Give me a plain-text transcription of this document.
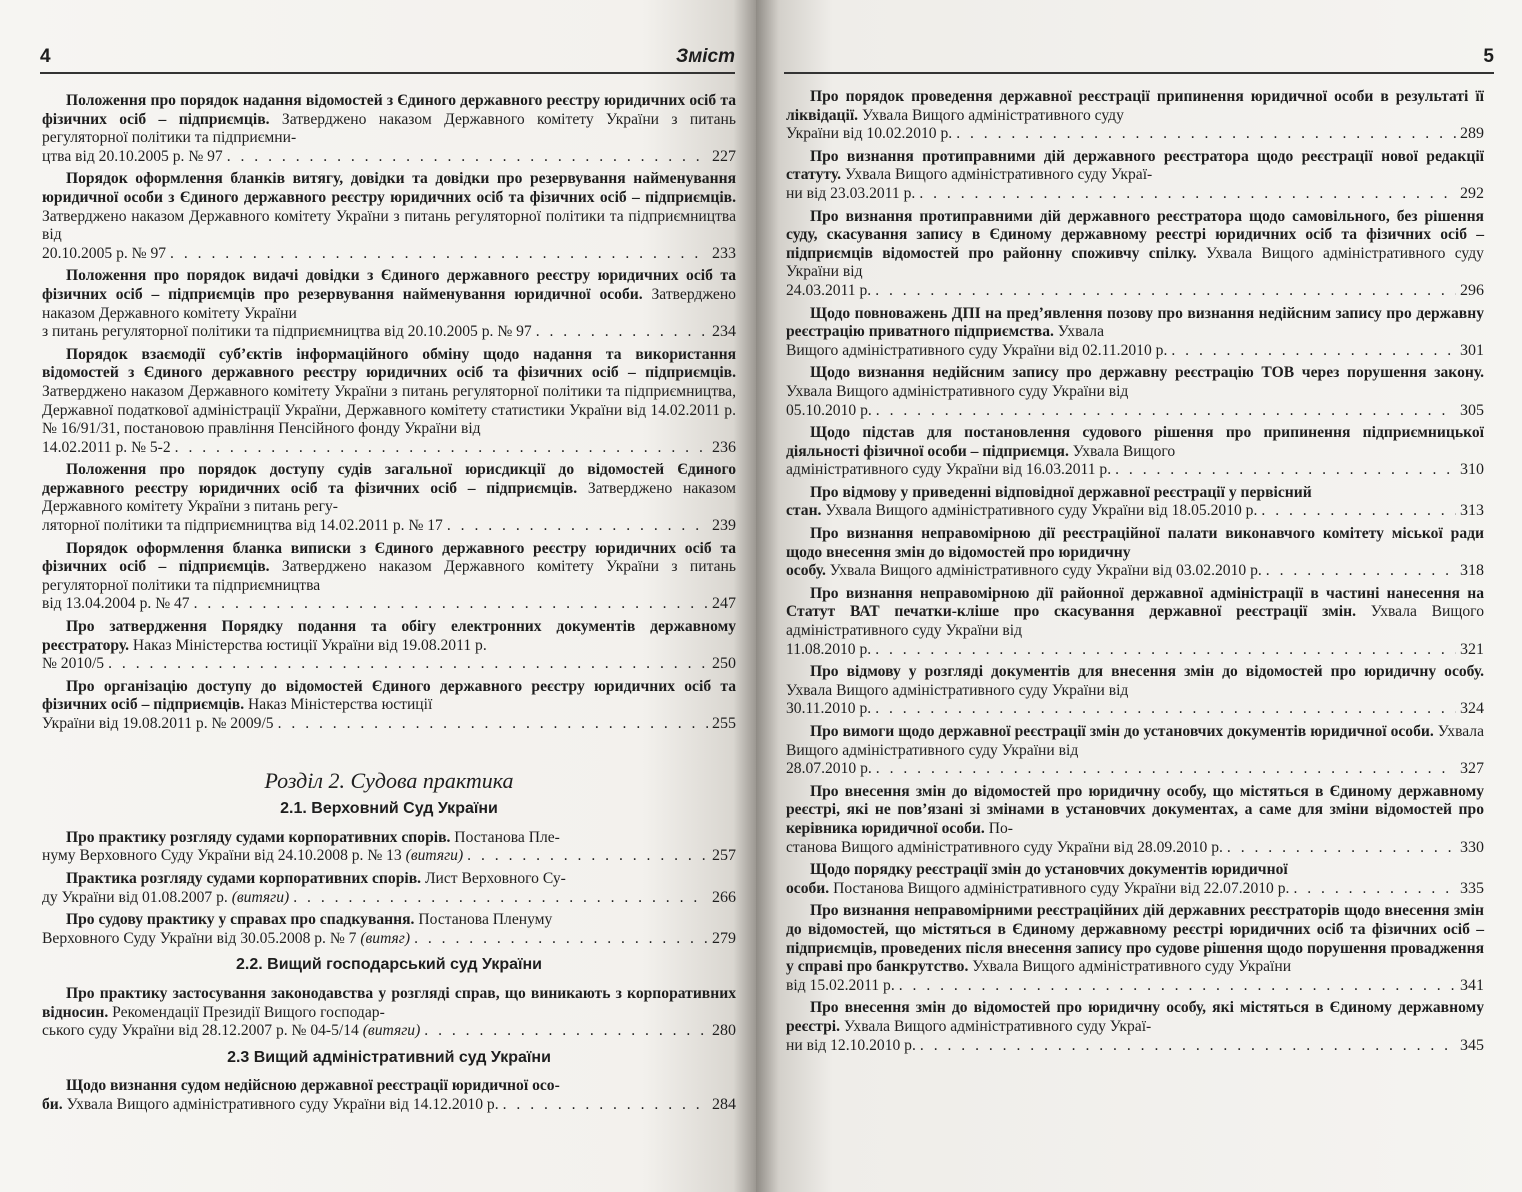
4	Зміст
Положення про порядок надання відомостей з Єдиного державного реєстру юридичних осіб та фізичних осіб – підприємців. Затверджено наказом Державного комітету України з питань регуляторної політики та підприємни-
цтва від 20.10.2005 р. № 97 . . .	227
Порядок оформлення бланків витягу, довідки та довідки про резервування найменування юридичної особи з Єдиного державного реєстру юридичних осіб та фізичних осіб – підприємців. Затверджено наказом Державного комітету України з питань регуляторної політики та підприємництва від
20.10.2005 р. № 97 . . .	233
Положення про порядок видачі довідки з Єдиного державного реєстру юридичних осіб та фізичних осіб – підприємців про резервування найменування юридичної особи. Затверджено наказом Державного комітету України
з питань регуляторної політики та підприємництва від 20.10.2005 р. № 97 . . .	234
Порядок взаємодії суб’єктів інформаційного обміну щодо надання та використання відомостей з Єдиного державного реєстру юридичних осіб та фізичних осіб – підприємців. Затверджено наказом Державного комітету України з питань регуляторної політики та підприємництва, Державної податкової адміністрації України, Державного комітету статистики України від 14.02.2011 р. № 16/91/31, постановою правління Пенсійного фонду України від
14.02.2011 р. № 5-2 . . .	236
Положення про порядок доступу судів загальної юрисдикції до відомостей Єдиного державного реєстру юридичних осіб та фізичних осіб – підприємців. Затверджено наказом Державного комітету України з питань регу-
ляторної політики та підприємництва від 14.02.2011 р. № 17 . . .	239
Порядок оформлення бланка виписки з Єдиного державного реєстру юридичних осіб та фізичних осіб – підприємців. Затверджено наказом Державного комітету України з питань регуляторної політики та підприємництва
від 13.04.2004 р. № 47 . . .	247
Про затвердження Порядку подання та обігу електронних документів державному реєстратору. Наказ Міністерства юстиції України від 19.08.2011 р.
№ 2010/5 . . .	250
Про організацію доступу до відомостей Єдиного державного реєстру юридичних осіб та фізичних осіб – підприємців. Наказ Міністерства юстиції
України від 19.08.2011 р. № 2009/5 . . .	255
Розділ 2. Судова практика
2.1. Верховний Суд України
Про практику розгляду судами корпоративних спорів. Постанова Пле-
нуму Верховного Суду України від 24.10.2008 р. № 13 (витяги) . . .	257
Практика розгляду судами корпоративних спорів. Лист Верховного Су-
ду України від 01.08.2007 р. (витяги) . . .	266
Про судову практику у справах про спадкування. Постанова Пленуму
Верховного Суду України від 30.05.2008 р. № 7 (витяг) . . .	279
2.2. Вищий господарський суд України
Про практику застосування законодавства у розгляді справ, що виникають з корпоративних відносин. Рекомендації Президії Вищого господар-
ського суду України від 28.12.2007 р. № 04-5/14 (витяги) . . .	280
2.3 Вищий адміністративний суд України
Щодо визнання судом недійсною державної реєстрації юридичної осо-
би. Ухвала Вищого адміністративного суду України від 14.12.2010 р. . . .	284
5
Про порядок проведення державної реєстрації припинення юридичної особи в результаті її ліквідації. Ухвала Вищого адміністративного суду
України від 10.02.2010 р. . . .	289
Про визнання протиправними дій державного реєстратора щодо реєстрації нової редакції статуту. Ухвала Вищого адміністративного суду Украї-
ни від 23.03.2011 р. . . .	292
Про визнання протиправними дій державного реєстратора щодо самовільного, без рішення суду, скасування запису в Єдиному державному реєстрі юридичних осіб та фізичних осіб – підприємців відомостей про районну споживчу спілку. Ухвала Вищого адміністративного суду України від
24.03.2011 р. . . .	296
Щодо повноважень ДПІ на пред’явлення позову про визнання недійсним запису про державну реєстрацію приватного підприємства. Ухвала
Вищого адміністративного суду України від 02.11.2010 р. . . .	301
Щодо визнання недійсним запису про державну реєстрацію ТОВ через порушення закону. Ухвала Вищого адміністративного суду України від
05.10.2010 р. . . .	305
Щодо підстав для постановлення судового рішення про припинення підприємницької діяльності фізичної особи – підприємця. Ухвала Вищого
адміністративного суду України від 16.03.2011 р. . . .	310
Про відмову у приведенні відповідної державної реєстрації у первісний
стан. Ухвала Вищого адміністративного суду України від 18.05.2010 р. . . .	313
Про визнання неправомірною дії реєстраційної палати виконавчого комітету міської ради щодо внесення змін до відомостей про юридичну
особу. Ухвала Вищого адміністративного суду України від 03.02.2010 р. . . .	318
Про визнання неправомірною дії районної державної адміністрації в частині нанесення на Статут ВАТ печатки-кліше про скасування державної реєстрації змін. Ухвала Вищого адміністративного суду України від
11.08.2010 р. . . .	321
Про відмову у розгляді документів для внесення змін до відомостей про юридичну особу. Ухвала Вищого адміністративного суду України від
30.11.2010 р. . . .	324
Про вимоги щодо державної реєстрації змін до установчих документів юридичної особи. Ухвала Вищого адміністративного суду України від
28.07.2010 р. . . .	327
Про внесення змін до відомостей про юридичну особу, що містяться в Єдиному державному реєстрі, які не пов’язані зі змінами в установчих документах, а саме для зміни відомостей про керівника юридичної особи. По-
станова Вищого адміністративного суду України від 28.09.2010 р. . . .	330
Щодо порядку реєстрації змін до установчих документів юридичної
особи. Постанова Вищого адміністративного суду України від 22.07.2010 р. . . .	335
Про визнання неправомірними реєстраційних дій державних реєстраторів щодо внесення змін до відомостей, що містяться в Єдиному державному реєстрі юридичних осіб та фізичних осіб – підприємців, проведених після внесення запису про судове рішення щодо порушення провадження у справі про банкрутство. Ухвала Вищого адміністративного суду України
від 15.02.2011 р. . . .	341
Про внесення змін до відомостей про юридичну особу, які містяться в Єдиному державному реєстрі. Ухвала Вищого адміністративного суду Украї-
ни від 12.10.2010 р. . . .	345
